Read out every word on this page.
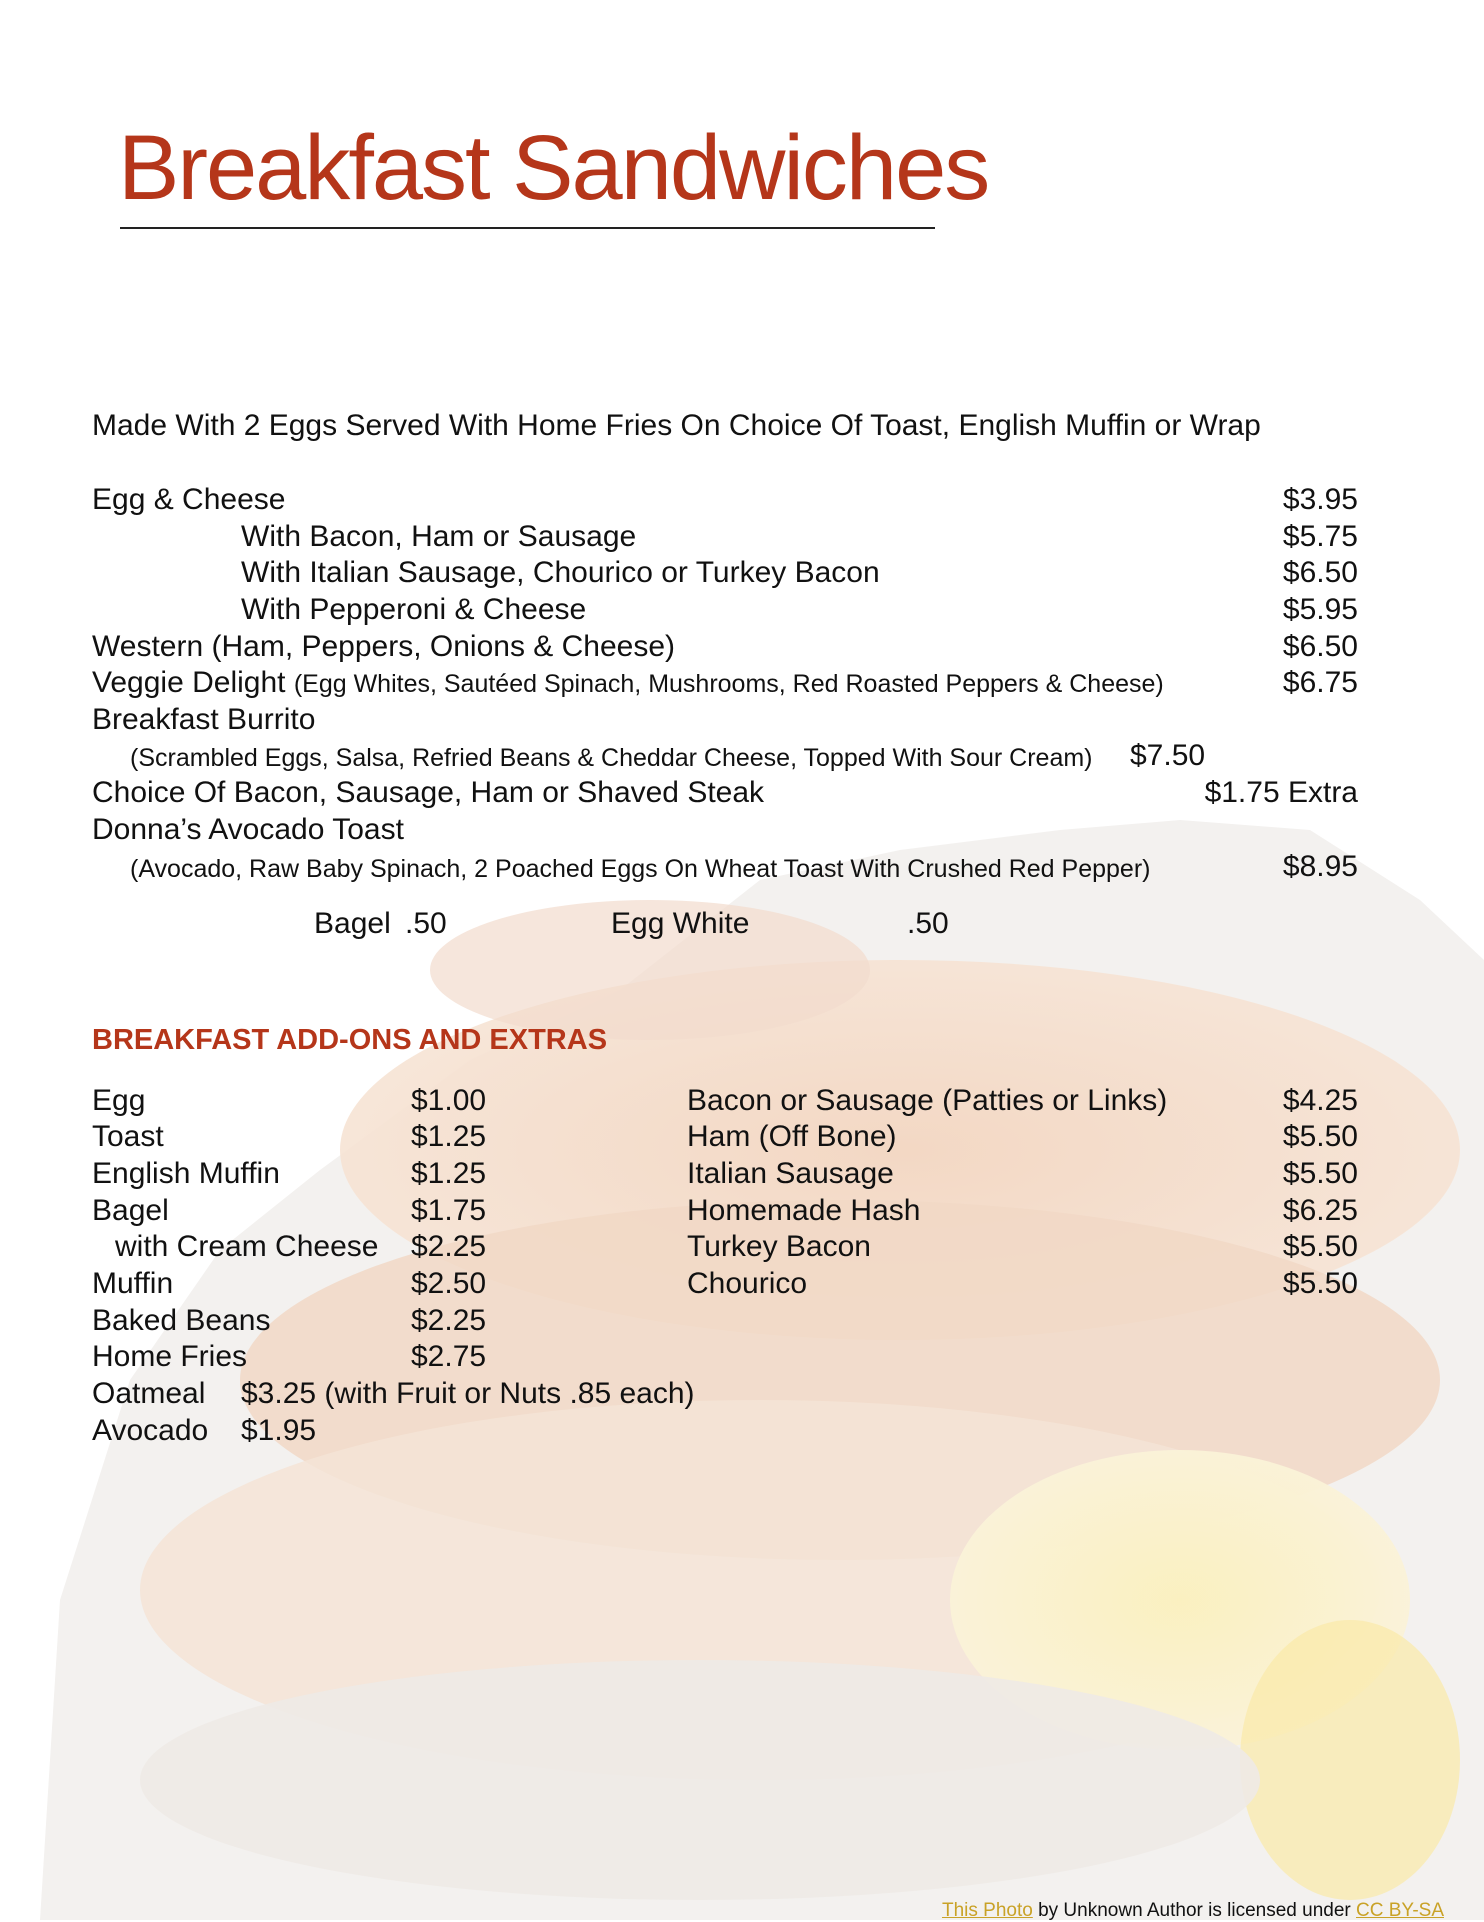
Breakfast Sandwiches
Made With 2 Eggs Served With Home Fries On Choice Of Toast, English Muffin or Wrap
Egg & Cheese	$3.95
With Bacon, Ham or Sausage	$5.75
With Italian Sausage, Chourico or Turkey Bacon	$6.50
With Pepperoni & Cheese	$5.95
Western (Ham, Peppers, Onions & Cheese)	$6.50
Veggie Delight (Egg Whites, Sautéed Spinach, Mushrooms, Red Roasted Peppers & Cheese)	$6.75
Breakfast Burrito
(Scrambled Eggs, Salsa, Refried Beans & Cheddar Cheese, Topped With Sour Cream) $7.50
Choice Of Bacon, Sausage, Ham or Shaved Steak	$1.75 Extra
Donna’s Avocado Toast
(Avocado, Raw Baby Spinach, 2 Poached Eggs On Wheat Toast With Crushed Red Pepper)	$8.95
Bagel .50	Egg White	.50
BREAKFAST ADD-ONS AND EXTRAS
Egg	$1.00
Toast	$1.25
English Muffin	$1.25
Bagel	$1.75
with Cream Cheese $2.25
Muffin	$2.50
Baked Beans	$2.25
Home Fries	$2.75
Oatmeal $3.25 (with Fruit or Nuts .85 each)
Avocado $1.95
Bacon or Sausage (Patties or Links)	$4.25
Ham (Off Bone)	$5.50
Italian Sausage	$5.50
Homemade Hash	$6.25
Turkey Bacon	$5.50
Chourico	$5.50
This Photo by Unknown Author is licensed under CC BY-SA
